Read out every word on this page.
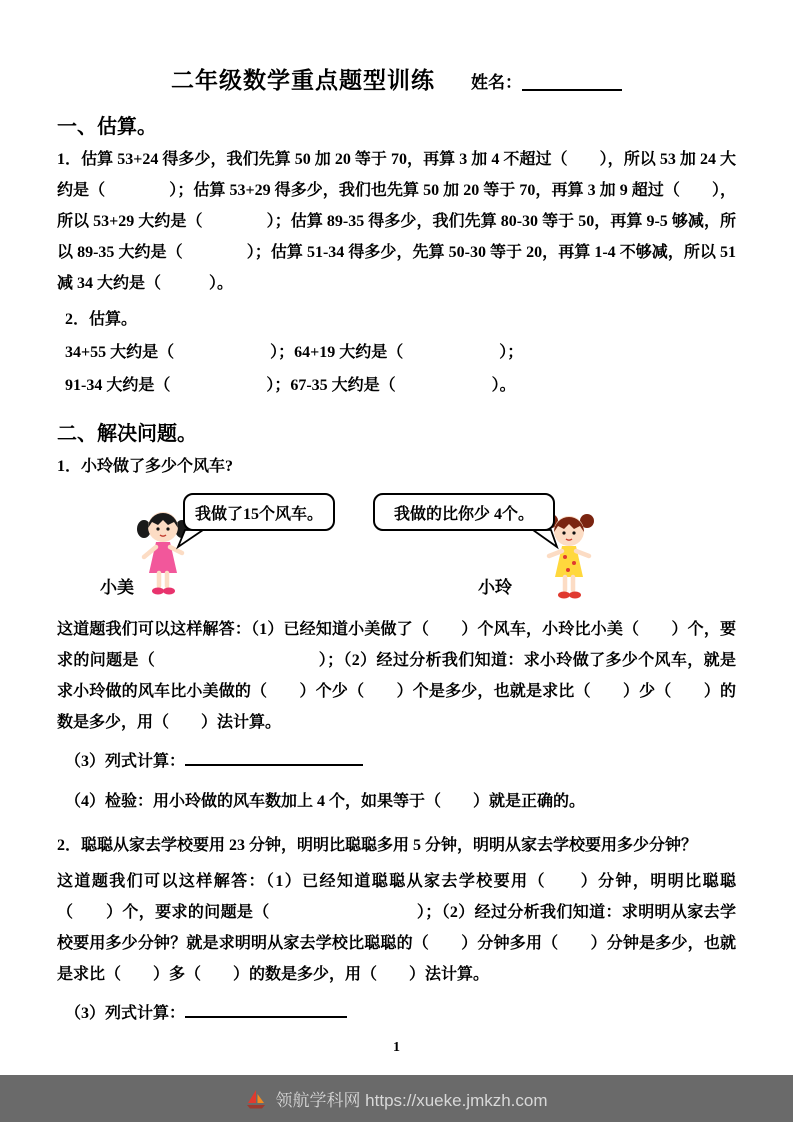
二年级数学重点题型训练 姓名：
一、估算。

1．估算 53+24 得多少，我们先算 50 加 20 等于 70，再算 3 加 4 不超过（　　），所以 53 加 24 大约是（　　　　）；估算 53+29 得多少，我们也先算 50 加 20 等于 70，再算 3 加 9 超过（　　），所以 53+29 大约是（　　　　）；估算 89-35 得多少，我们先算 80-30 等于 50，再算 9-5 够减，所以 89-35 大约是（　　　　）；估算 51-34 得多少，先算 50-30 等于 20，再算 1-4 不够减，所以 51 减 34 大约是（　　　）。

2．估算。

34+55 大约是（　　　　　　）；64+19 大约是（　　　　　　）；

91-34 大约是（　　　　　　）；67-35 大约是（　　　　　　）。

二、解决问题。

1．小玲做了多少个风车?

我做了15个风车。	我做的比你少 4个。
小美	小玲

这道题我们可以这样解答：（1）已经知道小美做了（　　）个风车，小玲比小美（　　）个，要求的问题是（　　　　　　　　　　）；（2）经过分析我们知道：求小玲做了多少个风车，就是求小玲做的风车比小美做的（　　）个少（　　）个是多少，也就是求比（　　）少（　　）的数是多少，用（　　）法计算。

（3）列式计算：

（4）检验：用小玲做的风车数加上 4 个，如果等于（　　）就是正确的。

2．聪聪从家去学校要用 23 分钟，明明比聪聪多用 5 分钟，明明从家去学校要用多少分钟？

这道题我们可以这样解答：（1）已经知道聪聪从家去学校要用（　　）分钟，明明比聪聪（　　）个，要求的问题是（　　　　　　　　　）；（2）经过分析我们知道：求明明从家去学校要用多少分钟？就是求明明从家去学校比聪聪的（　　）分钟多用（　　）分钟是多少，也就是求比（　　）多（　　）的数是多少，用（　　）法计算。

（3）列式计算：

1
领航学科网 https://xueke.jmkzh.com
